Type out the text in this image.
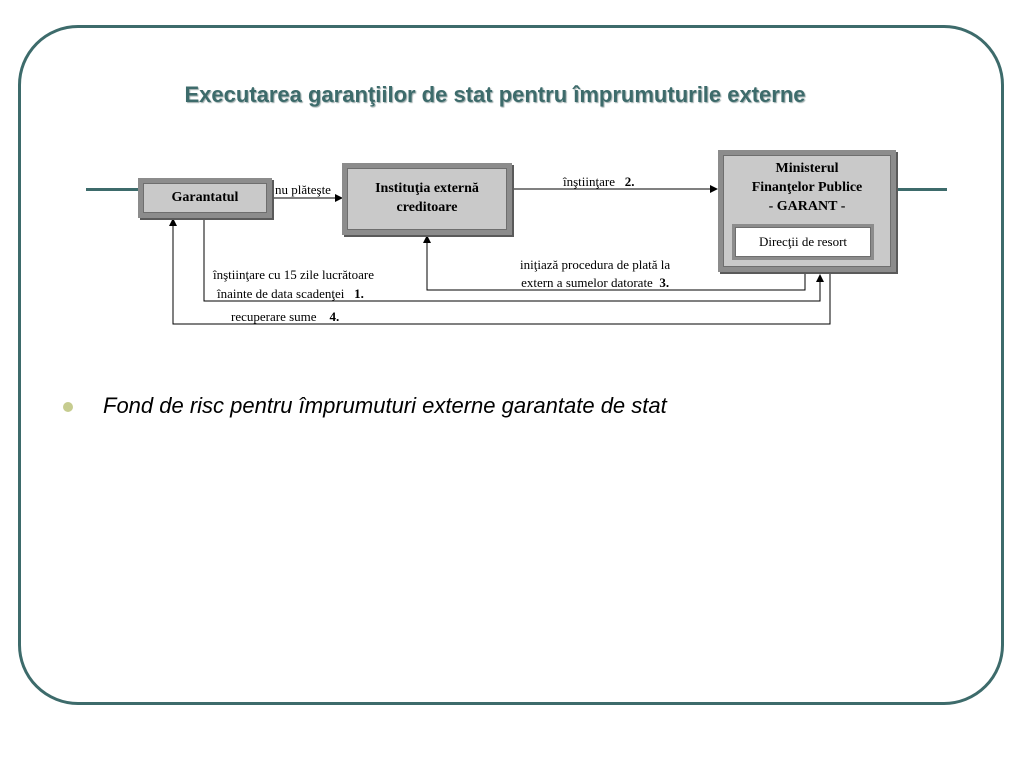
Executarea garanţiilor de stat pentru împrumuturile externe
Garantatul
Instituţia externă creditoare
Ministerul
Finanţelor Publice
- GARANT -
Direcţii de resort
nu plăteşte
înştiinţare 2.
iniţiază procedura de plată la
extern a sumelor datorate 3.
înştiinţare cu 15 zile lucrătoare
înainte de data scadenţei 1.
recuperare sume 4.
Fond de risc pentru împrumuturi externe garantate de stat
